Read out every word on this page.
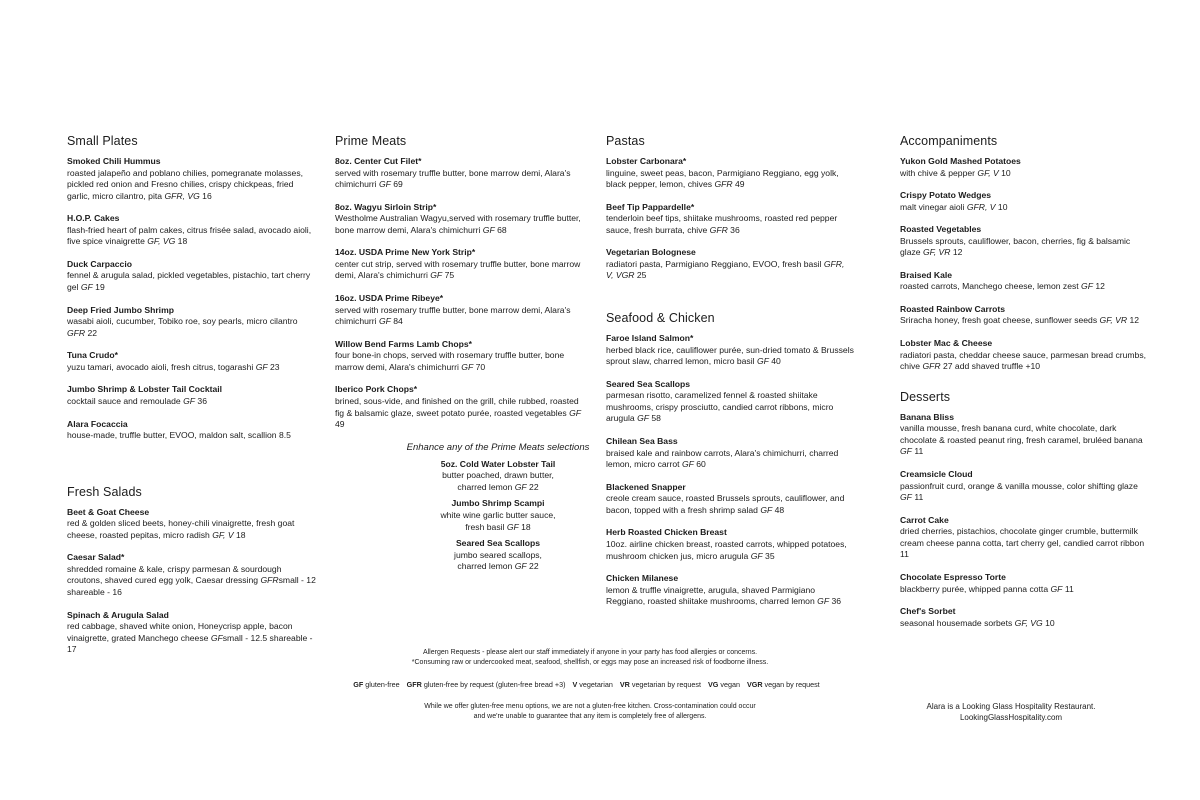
Small Plates
Smoked Chili Hummus
roasted jalapeño and poblano chilies, pomegranate molasses, pickled red onion and Fresno chilies, crispy chickpeas, fried garlic, micro cilantro, pita GFR, VG 16
H.O.P. Cakes
flash-fried heart of palm cakes, citrus frisée salad, avocado aioli, five spice vinaigrette GF, VG 18
Duck Carpaccio
fennel & arugula salad, pickled vegetables, pistachio, tart cherry gel GF 19
Deep Fried Jumbo Shrimp
wasabi aioli, cucumber, Tobiko roe, soy pearls, micro cilantro GFR 22
Tuna Crudo*
yuzu tamari, avocado aioli, fresh citrus, togarashi GF 23
Jumbo Shrimp & Lobster Tail Cocktail
cocktail sauce and remoulade GF 36
Alara Focaccia
house-made, truffle butter, EVOO, maldon salt, scallion 8.5
Fresh Salads
Beet & Goat Cheese
red & golden sliced beets, honey-chili vinaigrette, fresh goat cheese, roasted pepitas, micro radish GF, V 18
Caesar Salad*
shredded romaine & kale, crispy parmesan & sourdough croutons, shaved cured egg yolk, Caesar dressing GFRsmall - 12 shareable - 16
Spinach & Arugula Salad
red cabbage, shaved white onion, Honeycrisp apple, bacon vinaigrette, grated Manchego cheese GFsmall - 12.5 shareable - 17
Prime Meats
8oz. Center Cut Filet*
served with rosemary truffle butter, bone marrow demi, Alara's chimichurri GF 69
8oz. Wagyu Sirloin Strip*
Westholme Australian Wagyu,served with rosemary truffle butter, bone marrow demi, Alara's chimichurri GF 68
14oz. USDA Prime New York Strip*
center cut strip, served with rosemary truffle butter, bone marrow demi, Alara's chimichurri GF 75
16oz. USDA Prime Ribeye*
served with rosemary truffle butter, bone marrow demi, Alara's chimichurri GF 84
Willow Bend Farms Lamb Chops*
four bone-in chops, served with rosemary truffle butter, bone marrow demi, Alara's chimichurri GF 70
Iberico Pork Chops*
brined, sous-vide, and finished on the grill, chile rubbed, roasted fig & balsamic glaze, sweet potato purée, roasted vegetables GF 49
Enhance any of the Prime Meats selections
5oz. Cold Water Lobster Tail
butter poached, drawn butter,
charred lemon GF 22
Jumbo Shrimp Scampi
white wine garlic butter sauce,
fresh basil GF 18
Seared Sea Scallops
jumbo seared scallops,
charred lemon GF 22
Pastas
Lobster Carbonara*
linguine, sweet peas, bacon, Parmigiano Reggiano, egg yolk, black pepper, lemon, chives GFR 49
Beef Tip Pappardelle*
tenderloin beef tips, shiitake mushrooms, roasted red pepper sauce, fresh burrata, chive GFR 36
Vegetarian Bolognese
radiatori pasta, Parmigiano Reggiano, EVOO, fresh basil GFR, V, VGR 25
Seafood & Chicken
Faroe Island Salmon*
herbed black rice, cauliflower purée, sun-dried tomato & Brussels sprout slaw, charred lemon, micro basil GF 40
Seared Sea Scallops
parmesan risotto, caramelized fennel & roasted shiitake mushrooms, crispy prosciutto, candied carrot ribbons, micro arugula GF 58
Chilean Sea Bass
braised kale and rainbow carrots, Alara's chimichurri, charred lemon, micro carrot GF 60
Blackened Snapper
creole cream sauce, roasted Brussels sprouts, cauliflower, and bacon, topped with a fresh shrimp salad GF 48
Herb Roasted Chicken Breast
10oz. airline chicken breast, roasted carrots, whipped potatoes, mushroom chicken jus, micro arugula GF 35
Chicken Milanese
lemon & truffle vinaigrette, arugula, shaved Parmigiano Reggiano, roasted shiitake mushrooms, charred lemon GF 36
Accompaniments
Yukon Gold Mashed Potatoes
with chive & pepper GF, V 10
Crispy Potato Wedges
malt vinegar aioli GFR, V 10
Roasted Vegetables
Brussels sprouts, cauliflower, bacon, cherries, fig & balsamic glaze GF, VR 12
Braised Kale
roasted carrots, Manchego cheese, lemon zest GF 12
Roasted Rainbow Carrots
Sriracha honey, fresh goat cheese, sunflower seeds GF, VR 12
Lobster Mac & Cheese
radiatori pasta, cheddar cheese sauce, parmesan bread crumbs, chive GFR 27 add shaved truffle +10
Desserts
Banana Bliss
vanilla mousse, fresh banana curd, white chocolate, dark chocolate & roasted peanut ring, fresh caramel, bruléed banana GF 11
Creamsicle Cloud
passionfruit curd, orange & vanilla mousse, color shifting glaze GF 11
Carrot Cake
dried cherries, pistachios, chocolate ginger crumble, buttermilk cream cheese panna cotta, tart cherry gel, candied carrot ribbon 11
Chocolate Espresso Torte
blackberry purée, whipped panna cotta GF 11
Chef's Sorbet
seasonal housemade sorbets GF, VG 10
Allergen Requests - please alert our staff immediately if anyone in your party has food allergies or concerns.
*Consuming raw or undercooked meat, seafood, shellfish, or eggs may pose an increased risk of foodborne illness.
GF gluten-free GFR gluten-free by request (gluten-free bread +3) V vegetarian VR vegetarian by request VG vegan VGR vegan by request
While we offer gluten-free menu options, we are not a gluten-free kitchen. Cross-contamination could occur
and we're unable to guarantee that any item is completely free of allergens.
Alara is a Looking Glass Hospitality Restaurant.
LookingGlassHospitality.com
